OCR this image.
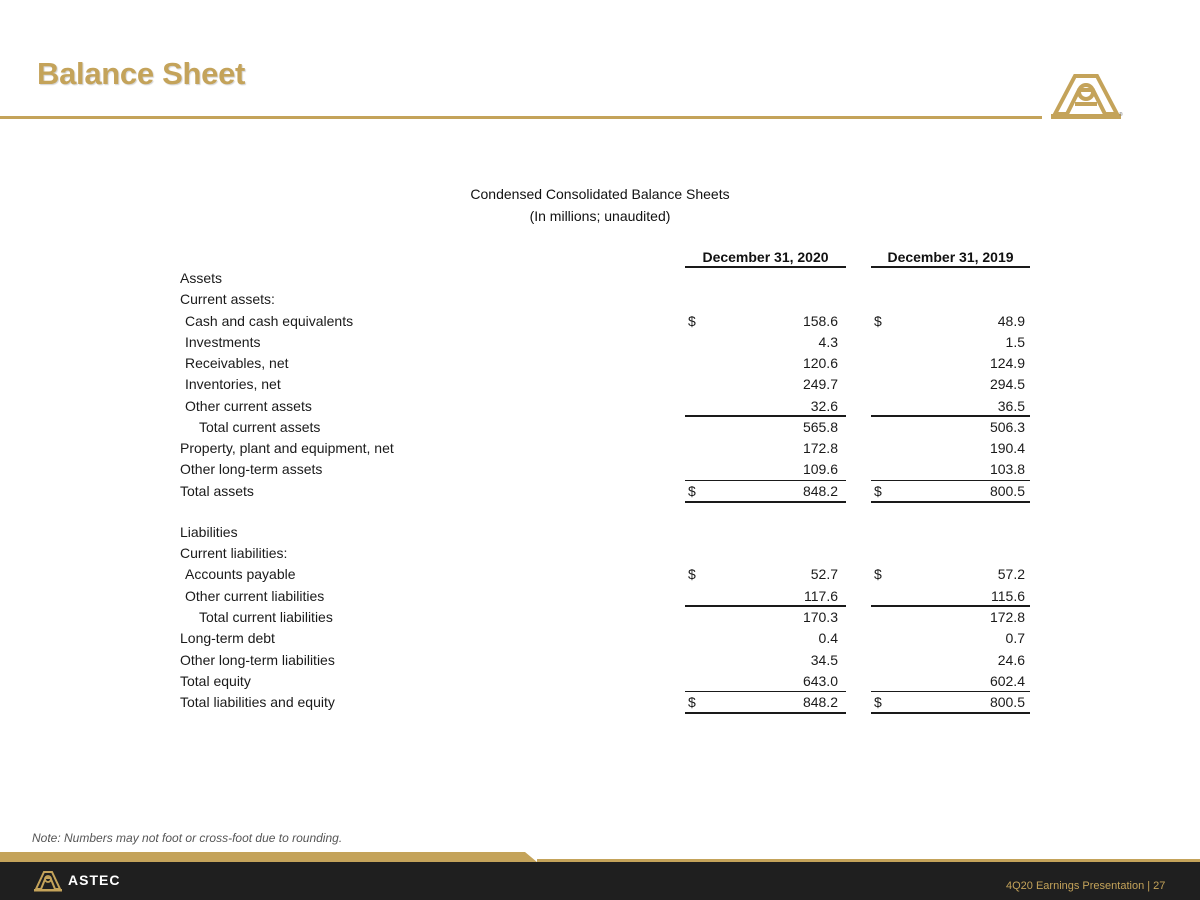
Balance Sheet
®
Condensed Consolidated Balance Sheets
(In millions; unaudited)
December 31, 2020	December 31, 2019
Assets
Current assets:
Cash and cash equivalents	$	158.6	$	48.9
Investments	4.3	1.5
Receivables, net	120.6	124.9
Inventories, net	249.7	294.5
Other current assets	32.6	36.5
Total current assets	565.8	506.3
Property, plant and equipment, net	172.8	190.4
Other long-term assets	109.6	103.8
Total assets	$	848.2	$	800.5
Liabilities
Current liabilities:
Accounts payable	$	52.7	$	57.2
Other current liabilities	117.6	115.6
Total current liabilities	170.3	172.8
Long-term debt	0.4	0.7
Other long-term liabilities	34.5	24.6
Total equity	643.0	602.4
Total liabilities and equity	$	848.2	$	800.5
Note: Numbers may not foot or cross-foot due to rounding.
ASTEC	4Q20 Earnings Presentation | 27
